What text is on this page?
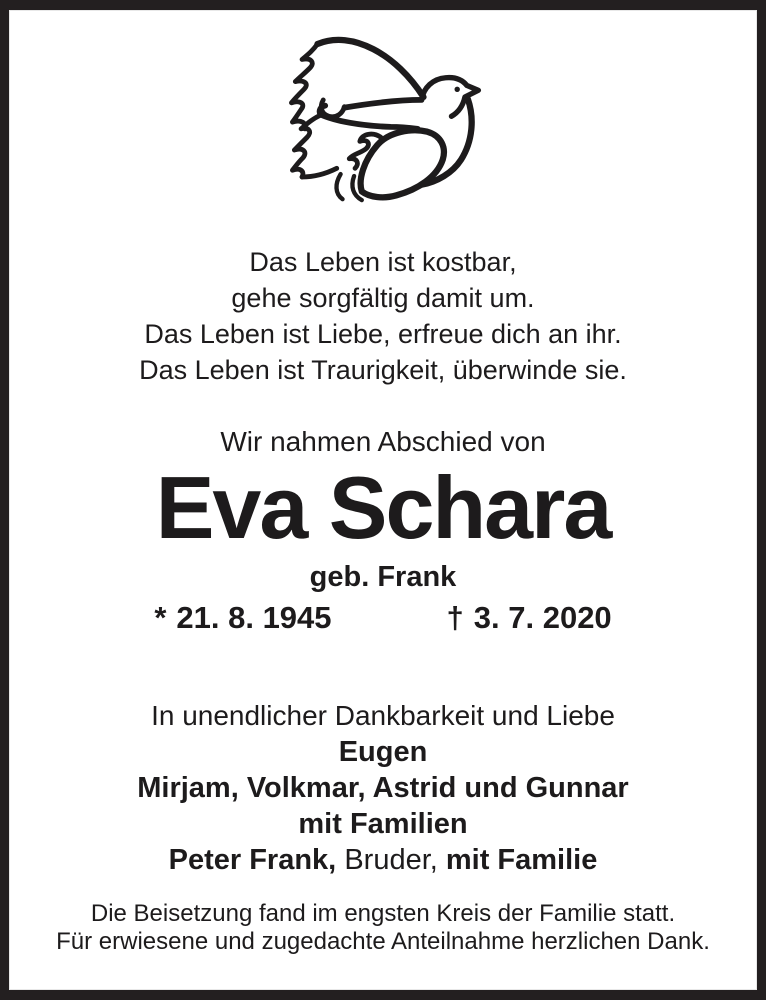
Das Leben ist kostbar,
gehe sorgfältig damit um.
Das Leben ist Liebe, erfreue dich an ihr.
Das Leben ist Traurigkeit, überwinde sie.
Wir nahmen Abschied von
Eva Schara
geb. Frank
* 21. 8. 1945	† 3. 7. 2020
In unendlicher Dankbarkeit und Liebe
Eugen
Mirjam, Volkmar, Astrid und Gunnar
mit Familien
Peter Frank, Bruder, mit Familie
Die Beisetzung fand im engsten Kreis der Familie statt.
Für erwiesene und zugedachte Anteilnahme herzlichen Dank.
